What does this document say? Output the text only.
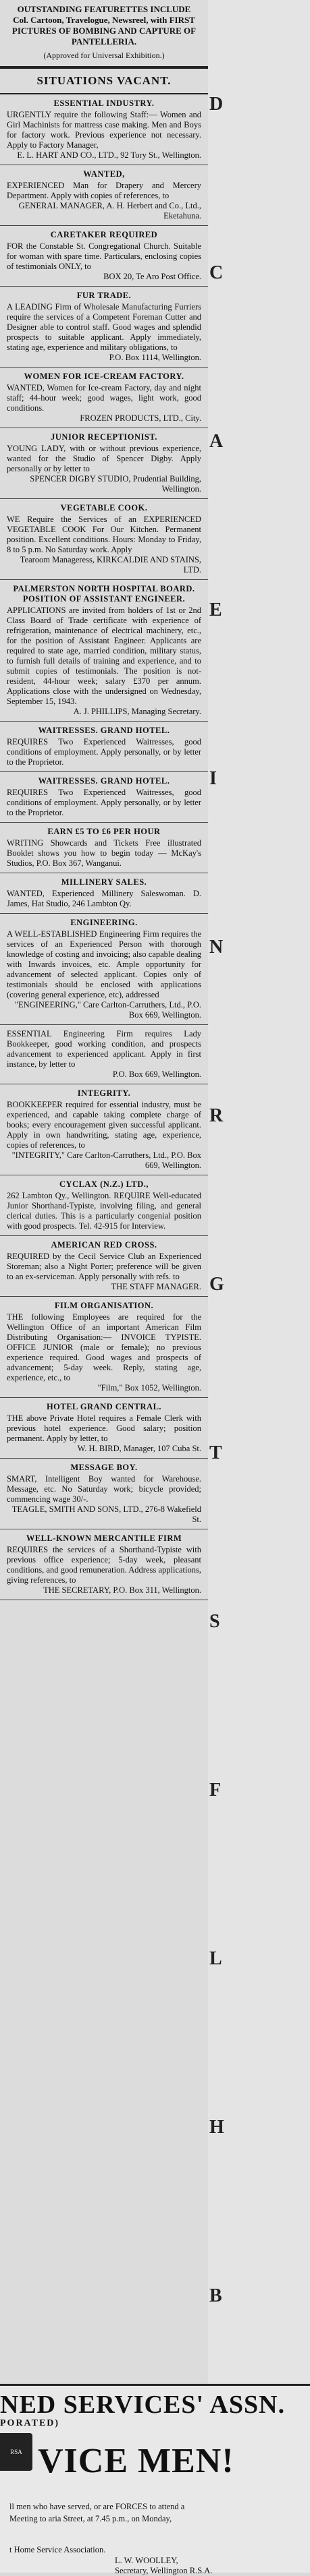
OUTSTANDING FEATURETTES INCLUDE
Col. Cartoon, Travelogue, Newsreel, with FIRST PICTURES OF BOMBING AND CAPTURE OF PANTELLERIA.
(Approved for Universal Exhibition.)
SITUATIONS VACANT.
ESSENTIAL INDUSTRY.
URGENTLY require the following Staff:— Women and Girl Machinists for mattress case making. Men and Boys for factory work. Previous experience not necessary. Apply to Factory Manager,
E. L. HART AND CO., LTD., 92 Tory St., Wellington.
WANTED,
EXPERIENCED Man for Drapery and Mercery Department. Apply with copies of references, to
GENERAL MANAGER, A. H. Herbert and Co., Ltd., Eketahuna.
CARETAKER REQUIRED
FOR the Constable St. Congregational Church. Suitable for woman with spare time. Particulars, enclosing copies of testimonials ONLY, to
BOX 20, Te Aro Post Office.
FUR TRADE.
A LEADING Firm of Wholesale Manufacturing Furriers require the services of a Competent Foreman Cutter and Designer able to control staff. Good wages and splendid prospects to suitable applicant. Apply immediately, stating age, experience and military obligations, to
P.O. Box 1114, Wellington.
WOMEN FOR ICE-CREAM FACTORY.
WANTED, Women for Ice-cream Factory, day and night staff; 44-hour week; good wages, light work, good conditions.
FROZEN PRODUCTS, LTD., City.
JUNIOR RECEPTIONIST.
YOUNG LADY, with or without previous experience, wanted for the Studio of Spencer Digby. Apply personally or by letter to
SPENCER DIGBY STUDIO, Prudential Building, Wellington.
VEGETABLE COOK.
WE Require the Services of an EXPERIENCED VEGETABLE COOK For Our Kitchen. Permanent position. Excellent conditions. Hours: Monday to Friday, 8 to 5 p.m. No Saturday work. Apply
Tearoom Manageress, KIRKCALDIE AND STAINS, LTD.
PALMERSTON NORTH HOSPITAL BOARD. POSITION OF ASSISTANT ENGINEER.
APPLICATIONS are invited from holders of 1st or 2nd Class Board of Trade certificate with experience of refrigeration, maintenance of electrical machinery, etc., for the position of Assistant Engineer. Applicants are required to state age, married condition, military status, to furnish full details of training and experience, and to submit copies of testimonials. The position is not-resident, 44-hour week; salary £370 per annum. Applications close with the undersigned on Wednesday, September 15, 1943.
A. J. PHILLIPS, Managing Secretary.
WAITRESSES. GRAND HOTEL.
REQUIRES Two Experienced Waitresses, good conditions of employment. Apply personally, or by letter to the Proprietor.
WAITRESSES. GRAND HOTEL.
REQUIRES Two Experienced Waitresses, good conditions of employment. Apply personally, or by letter to the Proprietor.
EARN £5 TO £6 PER HOUR
WRITING Showcards and Tickets Free illustrated Booklet shows you how to begin today — McKay's Studios, P.O. Box 367, Wanganui.
MILLINERY SALES.
WANTED, Experienced Millinery Saleswoman. D. James, Hat Studio, 246 Lambton Qy.
ENGINEERING.
A WELL-ESTABLISHED Engineering Firm requires the services of an Experienced Person with thorough knowledge of costing and invoicing; also capable dealing with Inwards invoices, etc. Ample opportunity for advancement of selected applicant. Copies only of testimonials should be enclosed with applications (covering general experience, etc), addressed
"ENGINEERING," Care Carlton-Carruthers, Ltd., P.O. Box 669, Wellington.
ESSENTIAL Engineering Firm requires Lady Bookkeeper, good working condition, and prospects advancement to experienced applicant. Apply in first instance, by letter to
P.O. Box 669, Wellington.
INTEGRITY.
BOOKKEEPER required for essential industry, must be experienced, and capable taking complete charge of books; every encouragement given successful applicant. Apply in own handwriting, stating age, experience, copies of references, to
"INTEGRITY," Care Carlton-Carruthers, Ltd., P.O. Box 669, Wellington.
CYCLAX (N.Z.) LTD.,
262 Lambton Qy., Wellington. REQUIRE Well-educated Junior Shorthand-Typiste, involving filing, and general clerical duties. This is a particularly congenial position with good prospects. Tel. 42-915 for Interview.
AMERICAN RED CROSS.
REQUIRED by the Cecil Service Club an Experienced Storeman; also a Night Porter; preference will be given to an ex-serviceman. Apply personally with refs. to
THE STAFF MANAGER.
FILM ORGANISATION.
THE following Employees are required for the Wellington Office of an important American Film Distributing Organisation:— INVOICE TYPISTE. OFFICE JUNIOR (male or female); no previous experience required. Good wages and prospects of advancement; 5-day week. Reply, stating age, experience, etc., to
"Film," Box 1052, Wellington.
HOTEL GRAND CENTRAL.
THE above Private Hotel requires a Female Clerk with previous hotel experience. Good salary; position permanent. Apply by letter, to
W. H. BIRD, Manager, 107 Cuba St.
MESSAGE BOY.
SMART, Intelligent Boy wanted for Warehouse. Message, etc. No Saturday work; bicycle provided; commencing wage 30/-.
TEAGLE, SMITH AND SONS, LTD., 276-8 Wakefield St.
WELL-KNOWN MERCANTILE FIRM
REQUIRES the services of a Shorthand-Typiste with previous office experience; 5-day week, pleasant conditions, and good remuneration. Address applications, giving references, to
THE SECRETARY, P.O. Box 311, Wellington.
D
C
A
E
I
N
R
G
T
S
F
L
H
B
NED SERVICES' ASSN.
PORATED)
RSA VICE MEN!
ll men who have served, or are FORCES to attend a Meeting to aria Street, at 7.45 p.m., on Monday,
t Home Service Association.
L. W. WOOLLEY,
Secretary, Wellington R.S.A.
